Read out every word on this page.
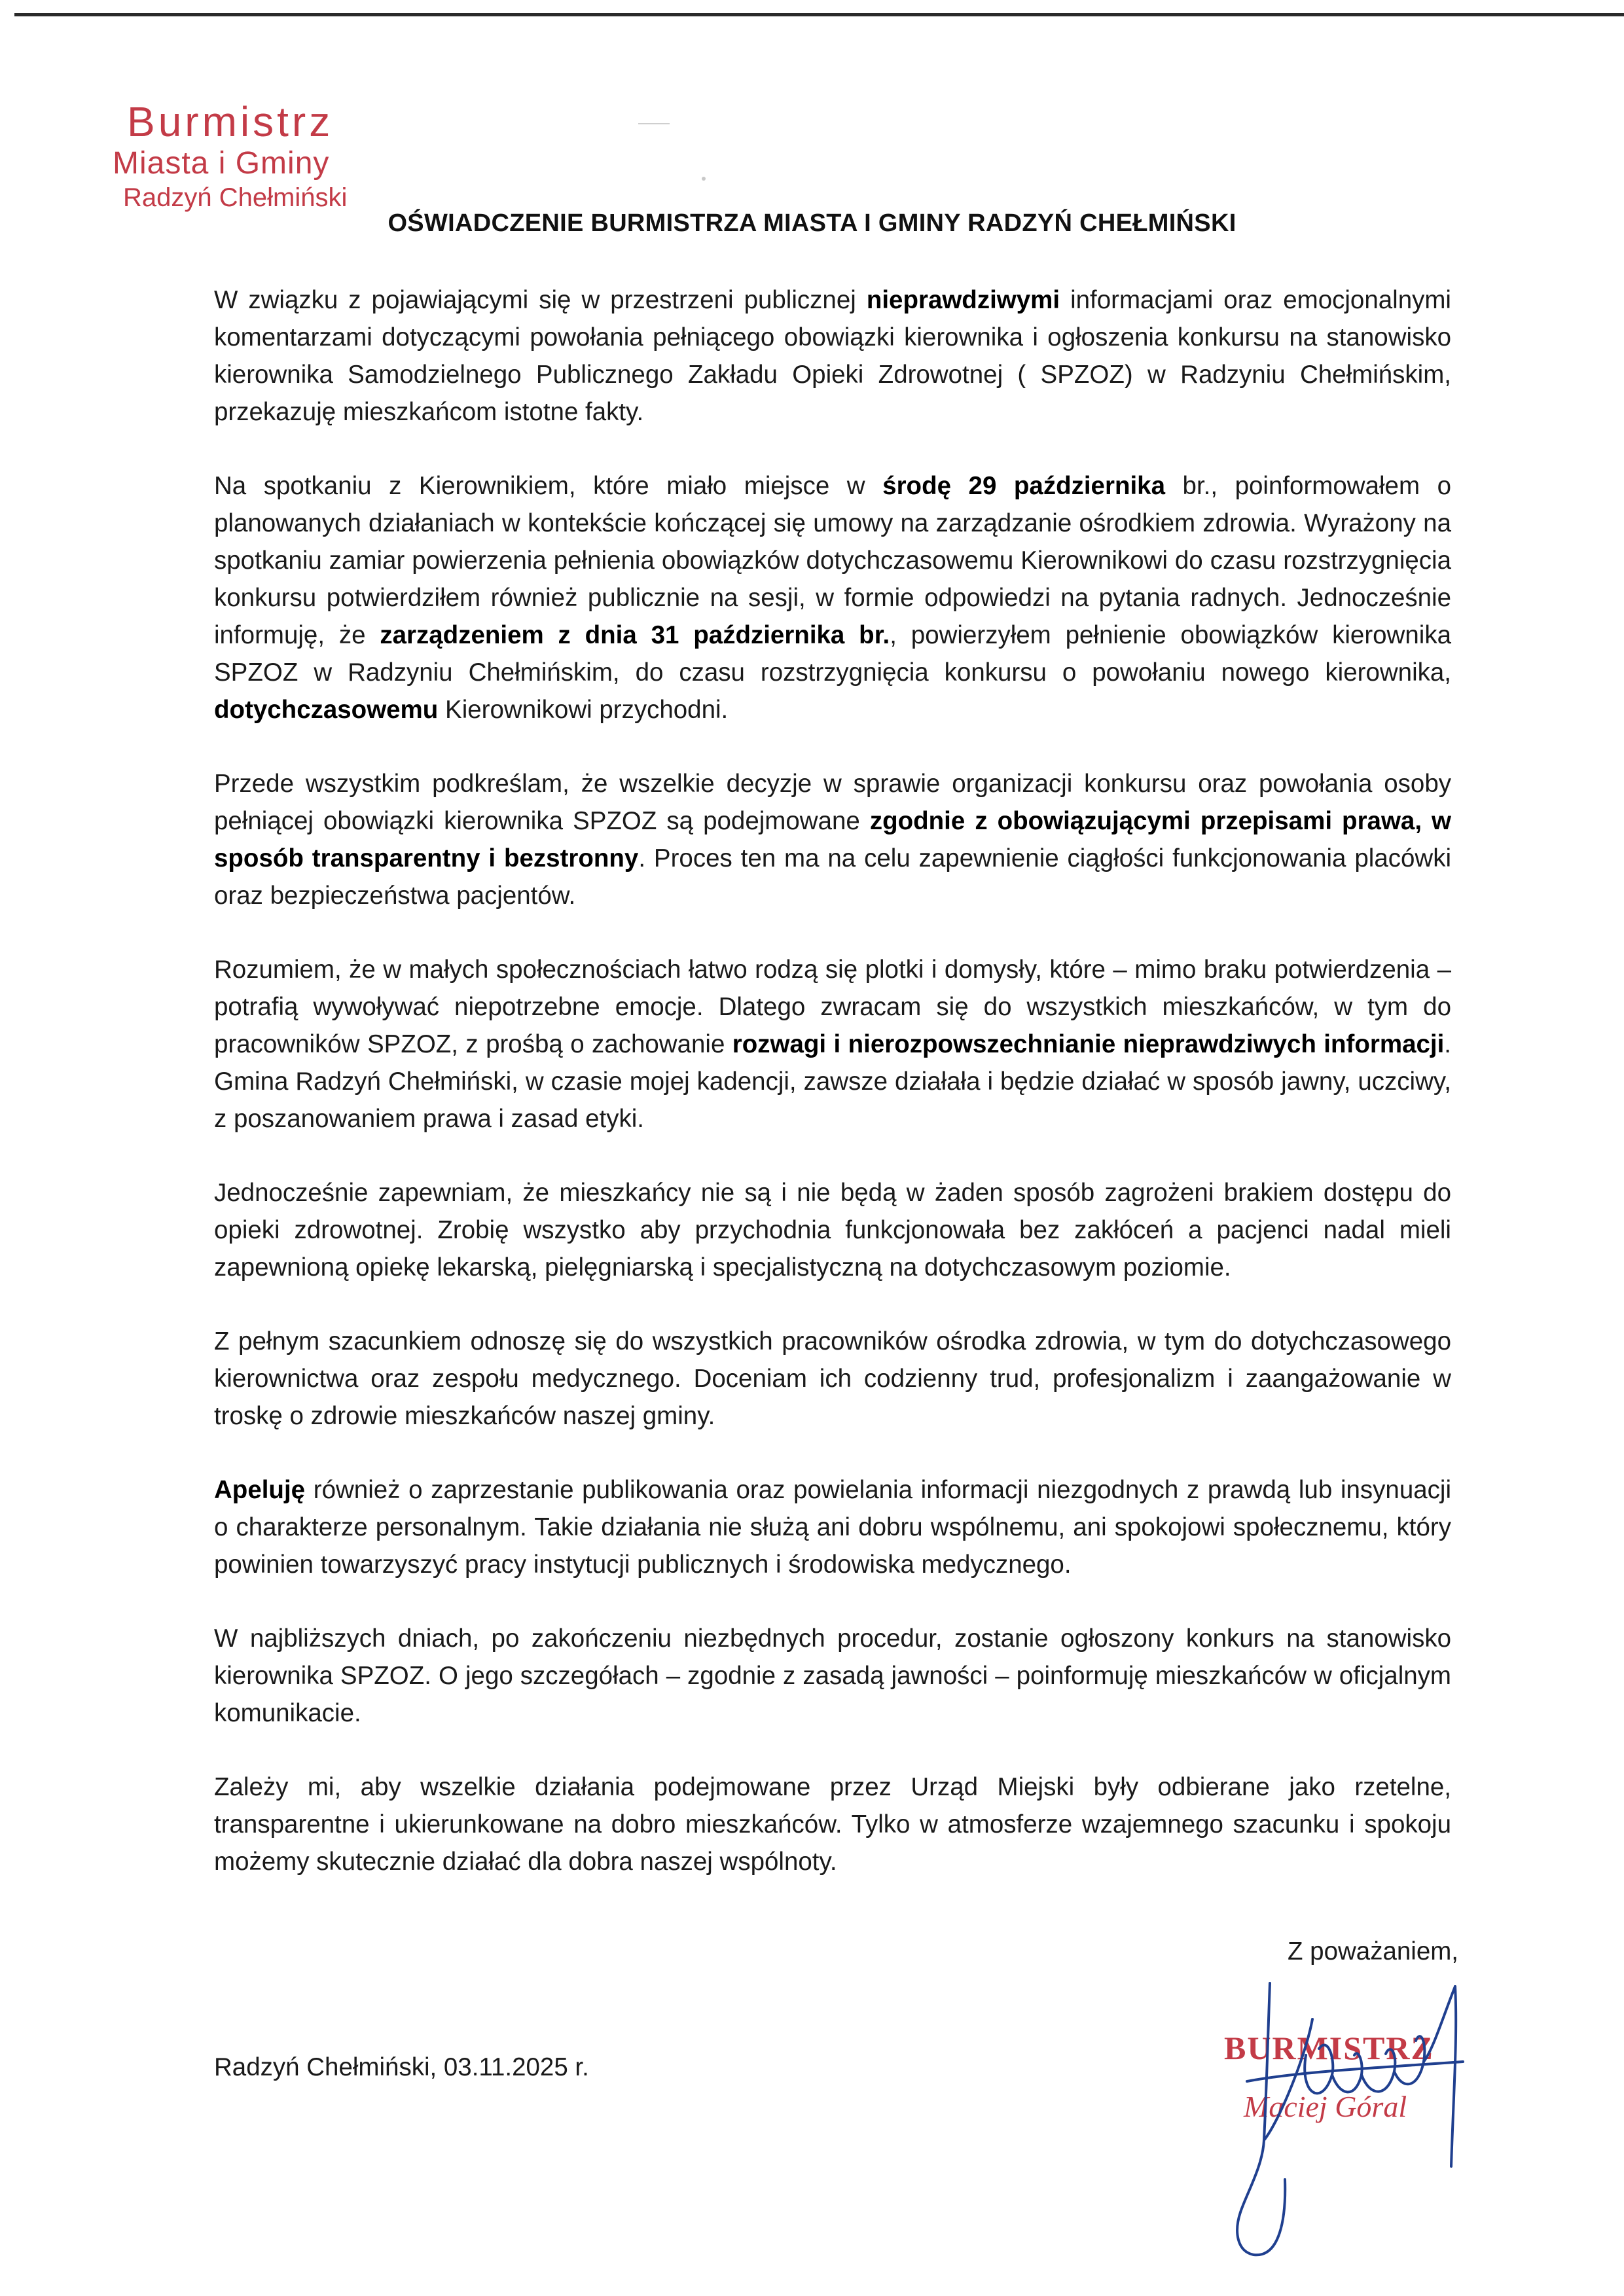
Burmistrz
Miasta i Gminy
Radzyń Chełmiński
OŚWIADCZENIE BURMISTRZA MIASTA I GMINY RADZYŃ CHEŁMIŃSKI

W związku z pojawiającymi się w przestrzeni publicznej nieprawdziwymi informacjami oraz emocjonalnymi komentarzami dotyczącymi powołania pełniącego obowiązki kierownika i ogłoszenia konkursu na stanowisko kierownika Samodzielnego Publicznego Zakładu Opieki Zdrowotnej ( SPZOZ) w Radzyniu Chełmińskim, przekazuję mieszkańcom istotne fakty.

Na spotkaniu z Kierownikiem, które miało miejsce w środę 29 października br., poinformowałem o planowanych działaniach w kontekście kończącej się umowy na zarządzanie ośrodkiem zdrowia. Wyrażony na spotkaniu zamiar powierzenia pełnienia obowiązków dotychczasowemu Kierownikowi do czasu rozstrzygnięcia konkursu potwierdziłem również publicznie na sesji, w formie odpowiedzi na pytania radnych. Jednocześnie informuję, że zarządzeniem z dnia 31 października br., powierzyłem pełnienie obowiązków kierownika SPZOZ w Radzyniu Chełmińskim, do czasu rozstrzygnięcia konkursu o powołaniu nowego kierownika, dotychczasowemu Kierownikowi przychodni.

Przede wszystkim podkreślam, że wszelkie decyzje w sprawie organizacji konkursu oraz powołania osoby pełniącej obowiązki kierownika SPZOZ są podejmowane zgodnie z obowiązującymi przepisami prawa, w sposób transparentny i bezstronny. Proces ten ma na celu zapewnienie ciągłości funkcjonowania placówki oraz bezpieczeństwa pacjentów.

Rozumiem, że w małych społecznościach łatwo rodzą się plotki i domysły, które – mimo braku potwierdzenia – potrafią wywoływać niepotrzebne emocje. Dlatego zwracam się do wszystkich mieszkańców, w tym do pracowników SPZOZ, z prośbą o zachowanie rozwagi i nierozpowszechnianie nieprawdziwych informacji. Gmina Radzyń Chełmiński, w czasie mojej kadencji, zawsze działała i będzie działać w sposób jawny, uczciwy, z poszanowaniem prawa i zasad etyki.

Jednocześnie zapewniam, że mieszkańcy nie są i nie będą w żaden sposób zagrożeni brakiem dostępu do opieki zdrowotnej. Zrobię wszystko aby przychodnia funkcjonowała bez zakłóceń a pacjenci nadal mieli zapewnioną opiekę lekarską, pielęgniarską i specjalistyczną na dotychczasowym poziomie.

Z pełnym szacunkiem odnoszę się do wszystkich pracowników ośrodka zdrowia, w tym do dotychczasowego kierownictwa oraz zespołu medycznego. Doceniam ich codzienny trud, profesjonalizm i zaangażowanie w troskę o zdrowie mieszkańców naszej gminy.

Apeluję również o zaprzestanie publikowania oraz powielania informacji niezgodnych z prawdą lub insynuacji o charakterze personalnym. Takie działania nie służą ani dobru wspólnemu, ani spokojowi społecznemu, który powinien towarzyszyć pracy instytucji publicznych i środowiska medycznego.

W najbliższych dniach, po zakończeniu niezbędnych procedur, zostanie ogłoszony konkurs na stanowisko kierownika SPZOZ. O jego szczegółach – zgodnie z zasadą jawności – poinformuję mieszkańców w oficjalnym komunikacie.

Zależy mi, aby wszelkie działania podejmowane przez Urząd Miejski były odbierane jako rzetelne, transparentne i ukierunkowane na dobro mieszkańców. Tylko w atmosferze wzajemnego szacunku i spokoju możemy skutecznie działać dla dobra naszej wspólnoty.

Z poważaniem,
Radzyń Chełmiński, 03.11.2025 r.
BURMISTRZ
Maciej Góral
